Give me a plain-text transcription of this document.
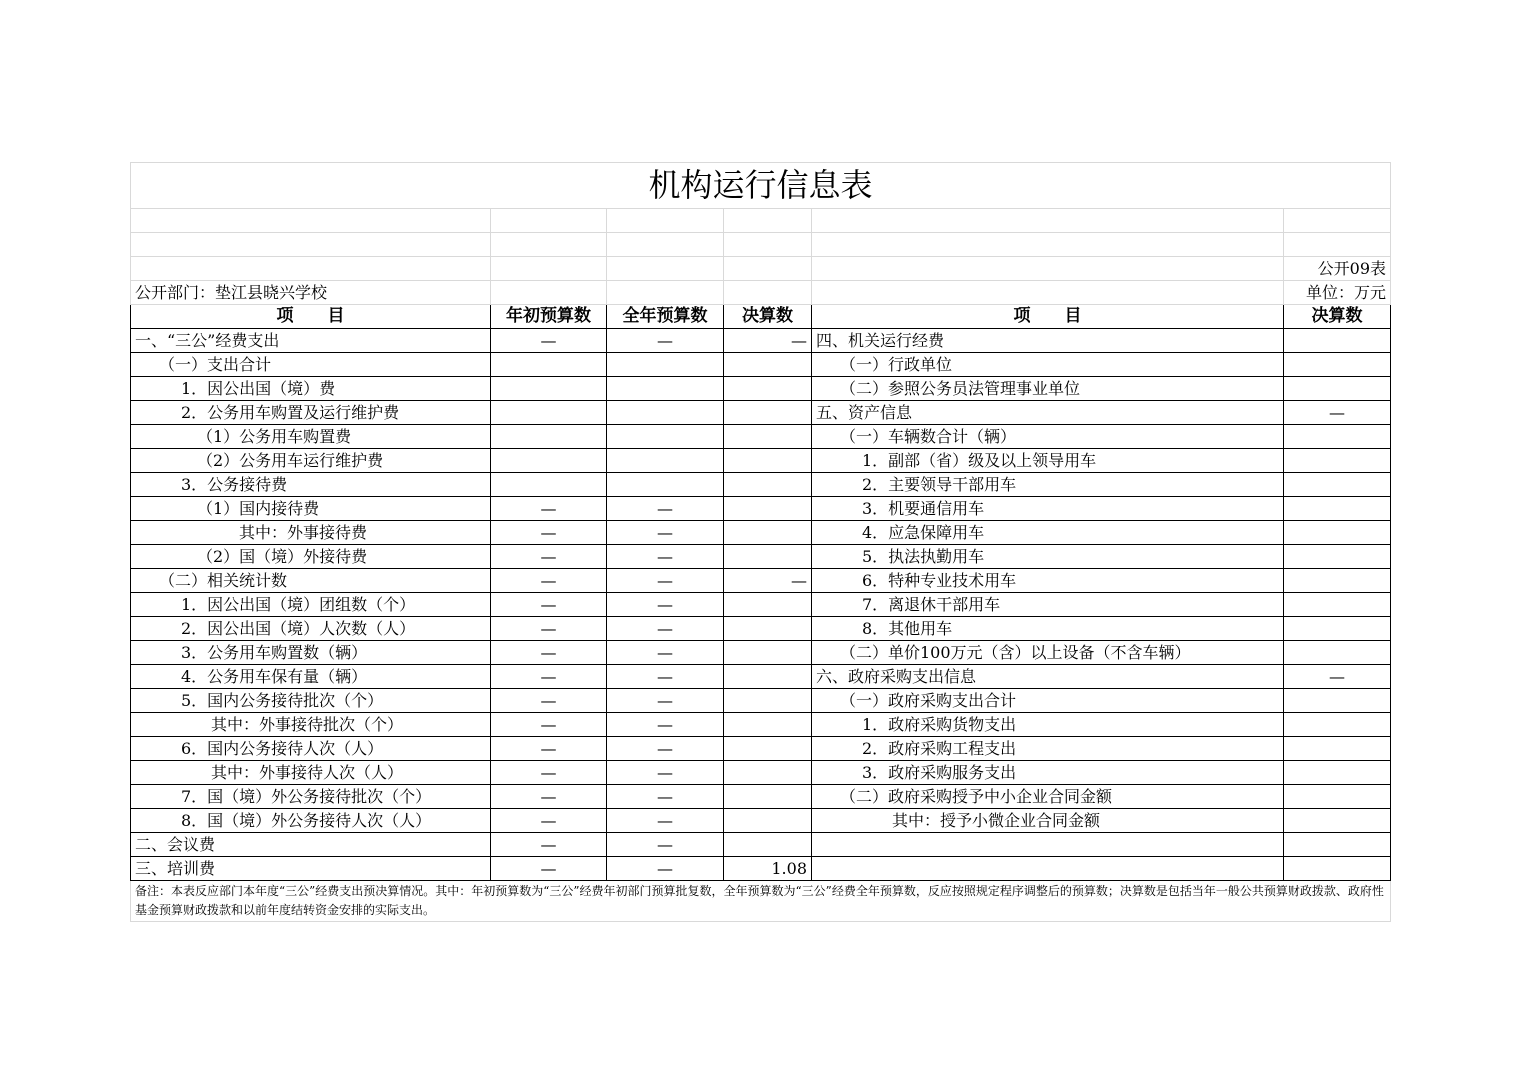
机构运行信息表					

					公开09表
公开部门：垫江县晓兴学校					单位：万元
项　　目	年初预算数	全年预算数	决算数	项　　目	决算数
一、“三公”经费支出	—	—	—	四、机关运行经费	
（一）支出合计				（一）行政单位	
1．因公出国（境）费				（二）参照公务员法管理事业单位	
2．公务用车购置及运行维护费				五、资产信息	—
（1）公务用车购置费				（一）车辆数合计（辆）	
（2）公务用车运行维护费				1．副部（省）级及以上领导用车	
3．公务接待费				2．主要领导干部用车	
（1）国内接待费	—	—		3．机要通信用车	
其中：外事接待费	—	—		4．应急保障用车	
（2）国（境）外接待费	—	—		5．执法执勤用车	
（二）相关统计数	—	—	—	6．特种专业技术用车	
1．因公出国（境）团组数（个）	—	—		7．离退休干部用车	
2．因公出国（境）人次数（人）	—	—		8．其他用车	
3．公务用车购置数（辆）	—	—		（二）单价100万元（含）以上设备（不含车辆）	
4．公务用车保有量（辆）	—	—		六、政府采购支出信息	—
5．国内公务接待批次（个）	—	—		（一）政府采购支出合计	
其中：外事接待批次（个）	—	—		1．政府采购货物支出	
6．国内公务接待人次（人）	—	—		2．政府采购工程支出	
其中：外事接待人次（人）	—	—		3．政府采购服务支出	
7．国（境）外公务接待批次（个）	—	—		（二）政府采购授予中小企业合同金额	
8．国（境）外公务接待人次（人）	—	—		其中：授予小微企业合同金额	
二、会议费	—	—			
三、培训费	—	—	1.08		
备注：本表反应部门本年度“三公”经费支出预决算情况。其中：年初预算数为“三公”经费年初部门预算批复数，全年预算数为“三公”经费全年预算数，反应按照规定程序调整后的预算数；决算数是包括当年一般公共预算财政拨款、政府性基金预算财政拨款和以前年度结转资金安排的实际支出。					
